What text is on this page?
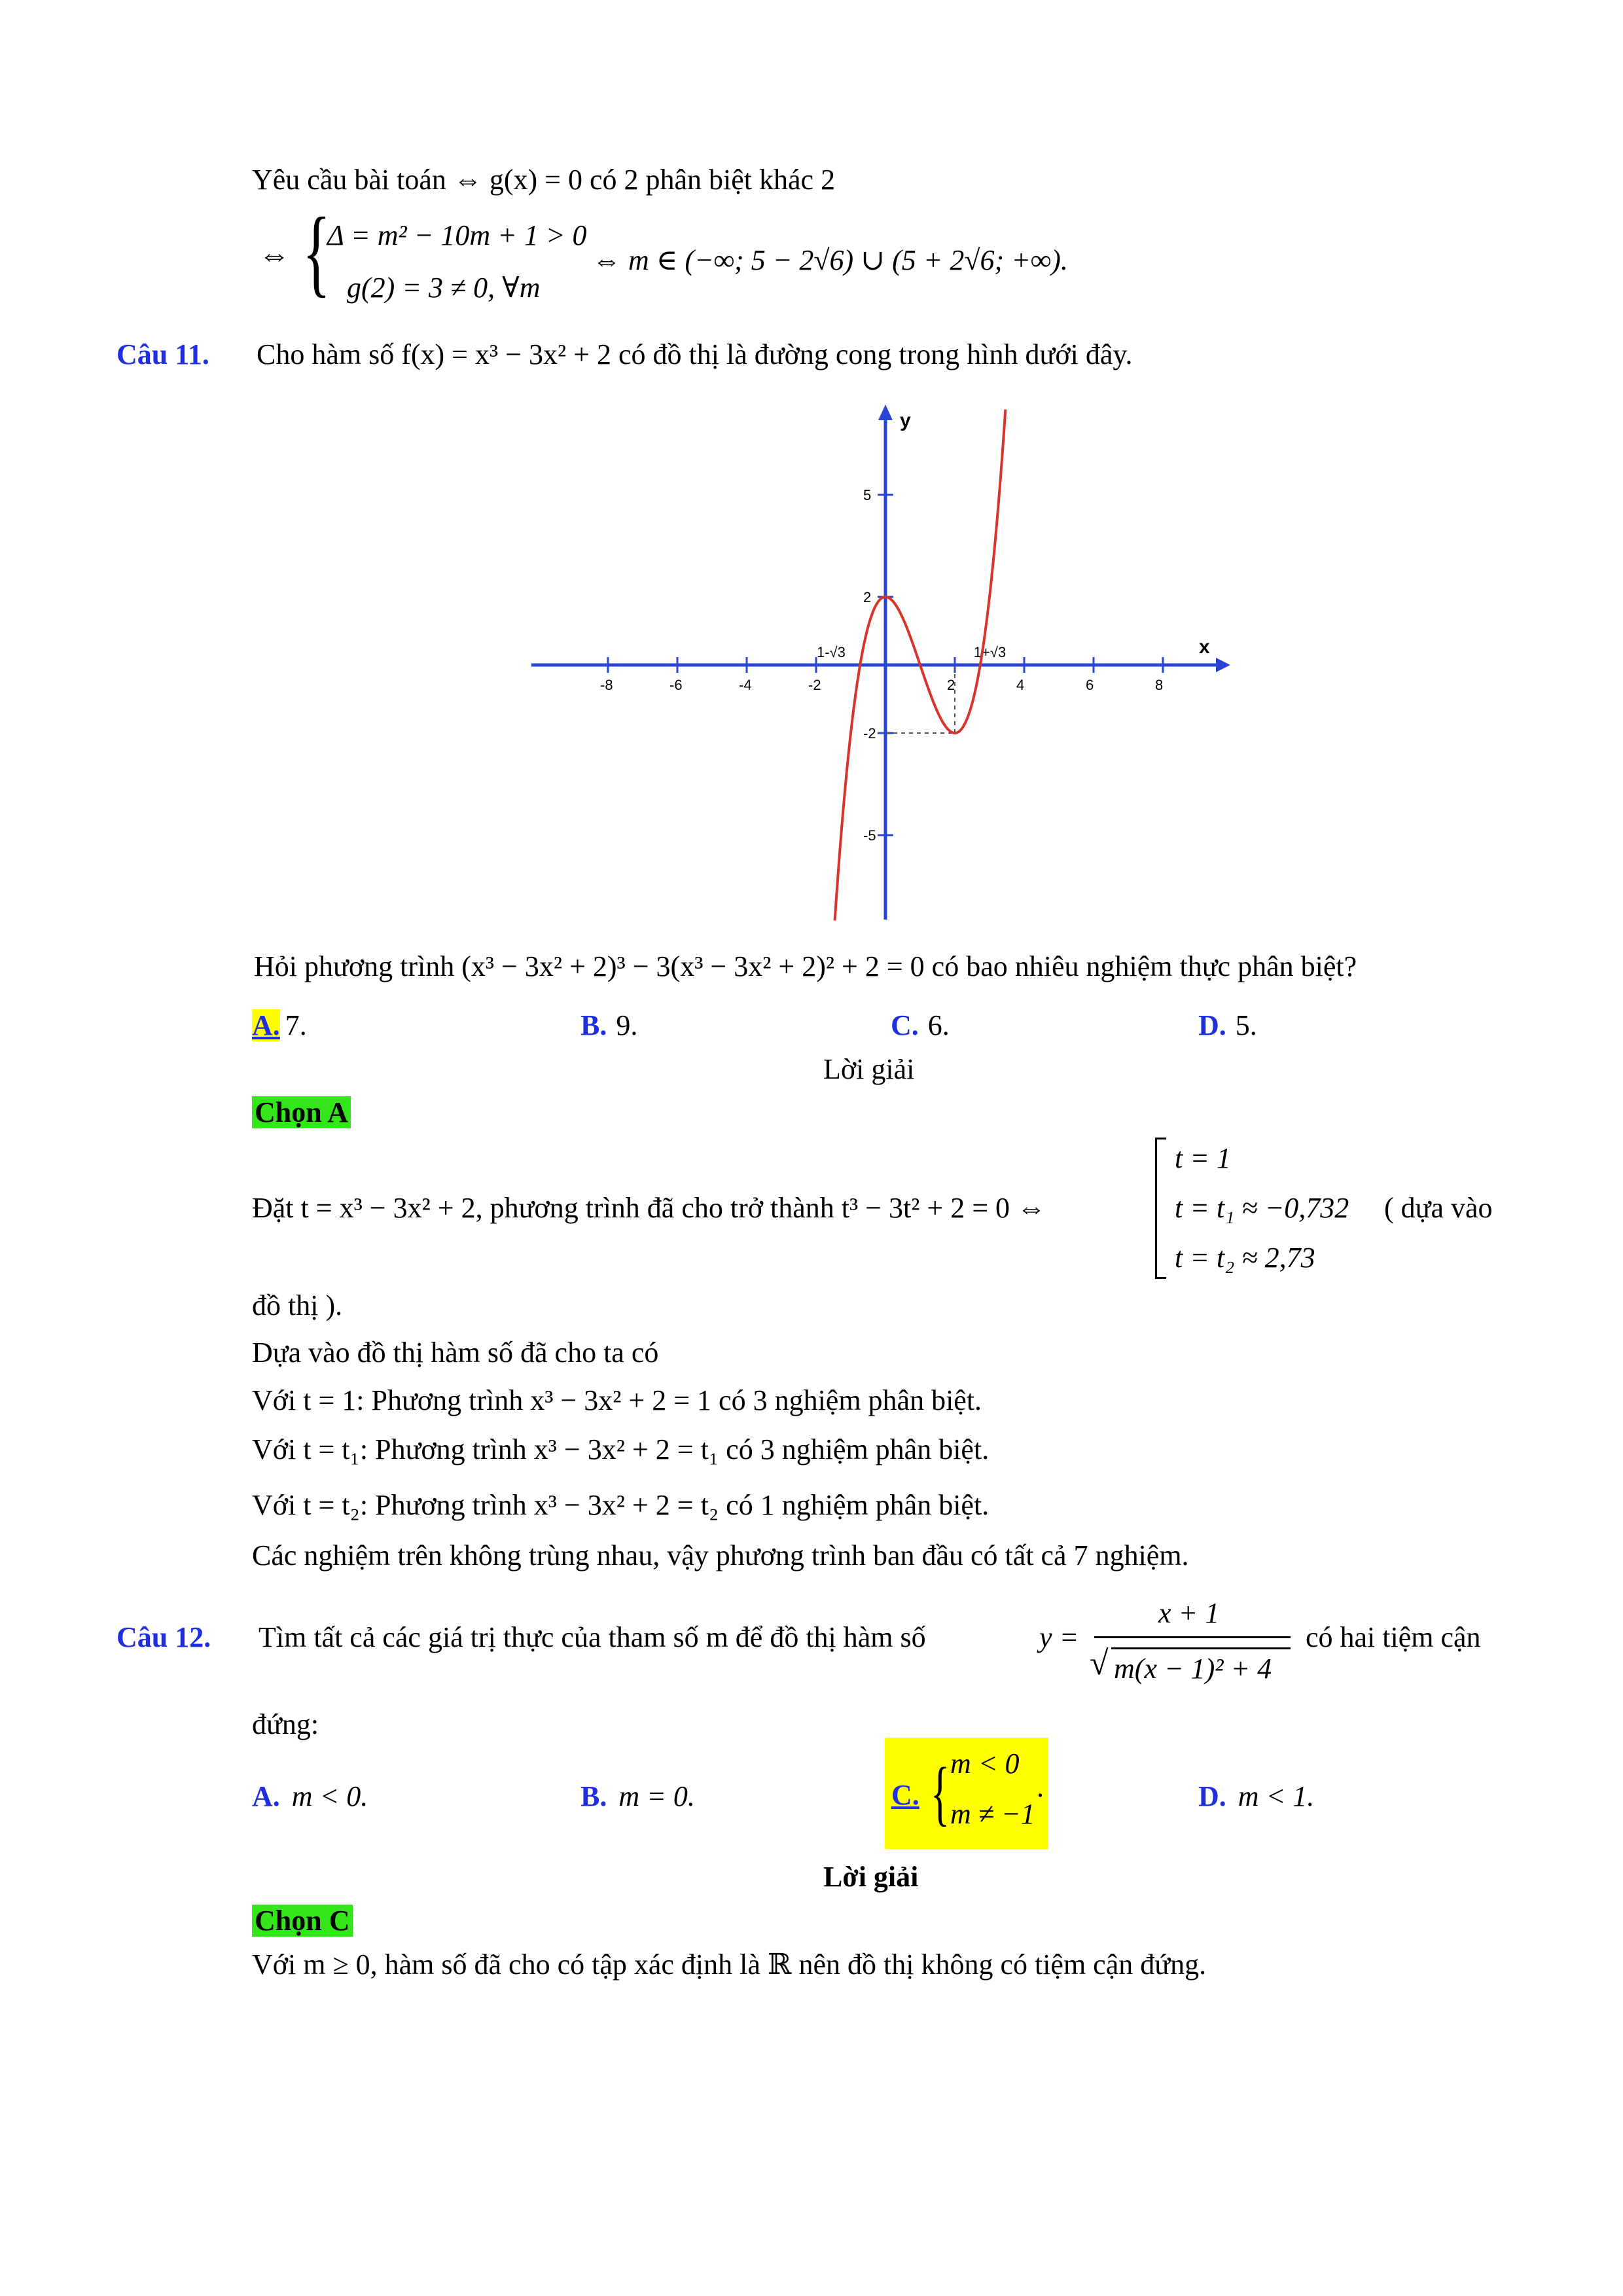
Yêu cầu bài toán ⇔ g(x) = 0 có 2 phân biệt khác 2
⇔ {
Δ = m² − 10m + 1 > 0
g(2) = 3 ≠ 0, ∀m
⇔ m ∈ (−∞; 5 − 2√6) ∪ (5 + 2√6; +∞).
Câu 11. Cho hàm số f(x) = x³ − 3x² + 2 có đồ thị là đường cong trong hình dưới đây.
x
y
-8	-6	-4	-2	2	4	6	8
5
2
-2
-5
1-√3	1+√3
Hỏi phương trình (x³ − 3x² + 2)³ − 3(x³ − 3x² + 2)² + 2 = 0 có bao nhiêu nghiệm thực phân biệt?
A. 7.	B. 9.	C. 6.	D. 5.
Lời giải
Chọn A
Đặt t = x³ − 3x² + 2, phương trình đã cho trở thành t³ − 3t² + 2 = 0 ⇔
t = 1
t = t₁ ≈ −0,732
t = t₂ ≈ 2,73
( dựa vào
đồ thị ).
Dựa vào đồ thị hàm số đã cho ta có
Với t = 1: Phương trình x³ − 3x² + 2 = 1 có 3 nghiệm phân biệt.
Với t = t₁: Phương trình x³ − 3x² + 2 = t₁ có 3 nghiệm phân biệt.
Với t = t₂: Phương trình x³ − 3x² + 2 = t₂ có 1 nghiệm phân biệt.
Các nghiệm trên không trùng nhau, vậy phương trình ban đầu có tất cả 7 nghiệm.
Câu 12. Tìm tất cả các giá trị thực của tham số m để đồ thị hàm số	y =
x + 1
√ m(x − 1)² + 4
có hai tiệm cận
đứng:
A. m < 0.	B. m = 0.	C. { m < 0
m ≠ −1
.	D. m < 1.
Lời giải
Chọn C
Với m ≥ 0, hàm số đã cho có tập xác định là ℝ nên đồ thị không có tiệm cận đứng.
